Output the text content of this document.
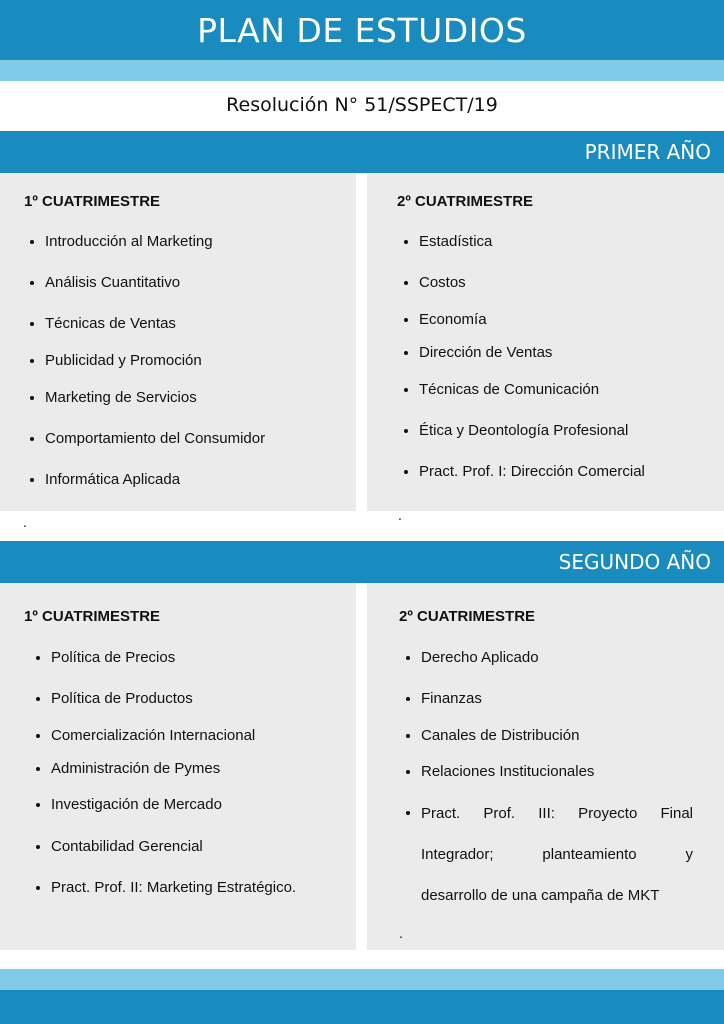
PLAN DE ESTUDIOS
Resolución N° 51/SSPECT/19
PRIMER AÑO
1º CUATRIMESTRE
Introducción al Marketing
Análisis Cuantitativo
Técnicas de Ventas
Publicidad y Promoción
Marketing de Servicios
Comportamiento del Consumidor
Informática Aplicada
2º CUATRIMESTRE
Estadística
Costos
Economía
Dirección de Ventas
Técnicas de Comunicación
Ética y Deontología Profesional
Pract. Prof. I: Dirección Comercial
.	.
SEGUNDO AÑO
1º CUATRIMESTRE
Política de Precios
Política de Productos
Comercialización Internacional
Administración de Pymes
Investigación de Mercado
Contabilidad Gerencial
Pract. Prof. II: Marketing Estratégico.
2º CUATRIMESTRE
Derecho Aplicado
Finanzas
Canales de Distribución
Relaciones Institucionales
Pract. Prof. III: Proyecto Final
Integrador; planteamiento y
desarrollo de una campaña de MKT
.
